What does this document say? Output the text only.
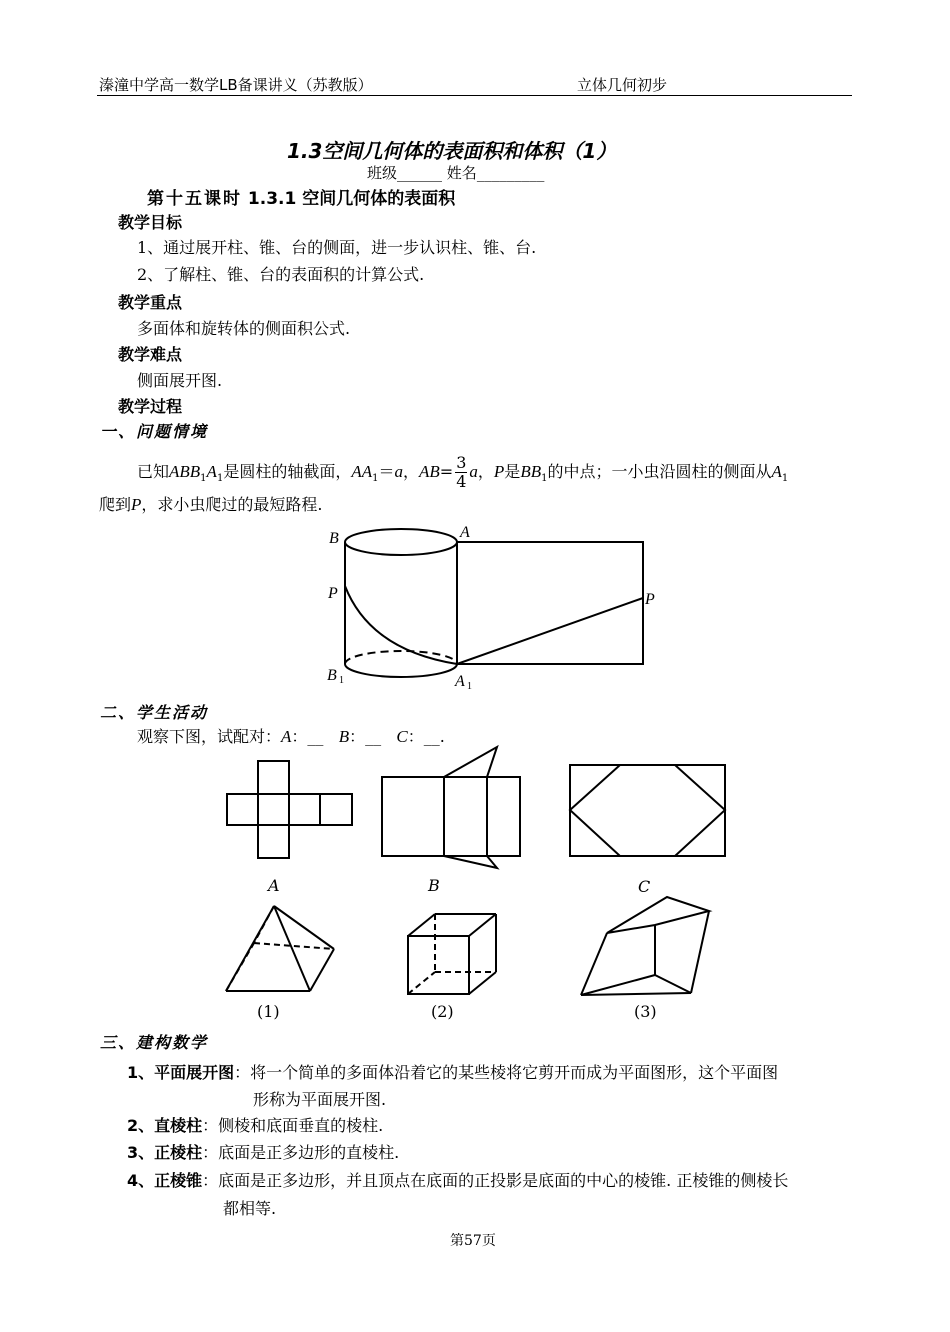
溱潼中学高一数学LB备课讲义（苏教版）	立体几何初步
1.3空间几何体的表面积和体积（1）
班级______ 姓名_________
第十五课时 1.3.1 空间几何体的表面积
教学目标
1、通过展开柱、锥、台的侧面，进一步认识柱、锥、台.
2、了解柱、锥、台的表面积的计算公式.
教学重点
多面体和旋转体的侧面积公式.
教学难点
侧面展开图.
教学过程
一、问题情境
已知$ABB_1A_1$是圆柱的轴截面，$AA_1=a$，$AB= \frac{3}{4}$ a，P是$BB_1$的中点；一小虫沿圆柱的侧面从$A_1$
爬到P，求小虫爬过的最短路程.
B	A
P	P
B 1	A 1
二、学生活动
观察下图，试配对：A：__ B：__ C：__.
A	B	C
(1)	(2)	(3)
三、建构数学
1、平面展开图：将一个简单的多面体沿着它的某些棱将它剪开而成为平面图形，这个平面图
形称为平面展开图.
2、直棱柱：侧棱和底面垂直的棱柱.
3、正棱柱：底面是正多边形的直棱柱.
4、正棱锥：底面是正多边形，并且顶点在底面的正投影是底面的中心的棱锥. 正棱锥的侧棱长
都相等.
第57页
